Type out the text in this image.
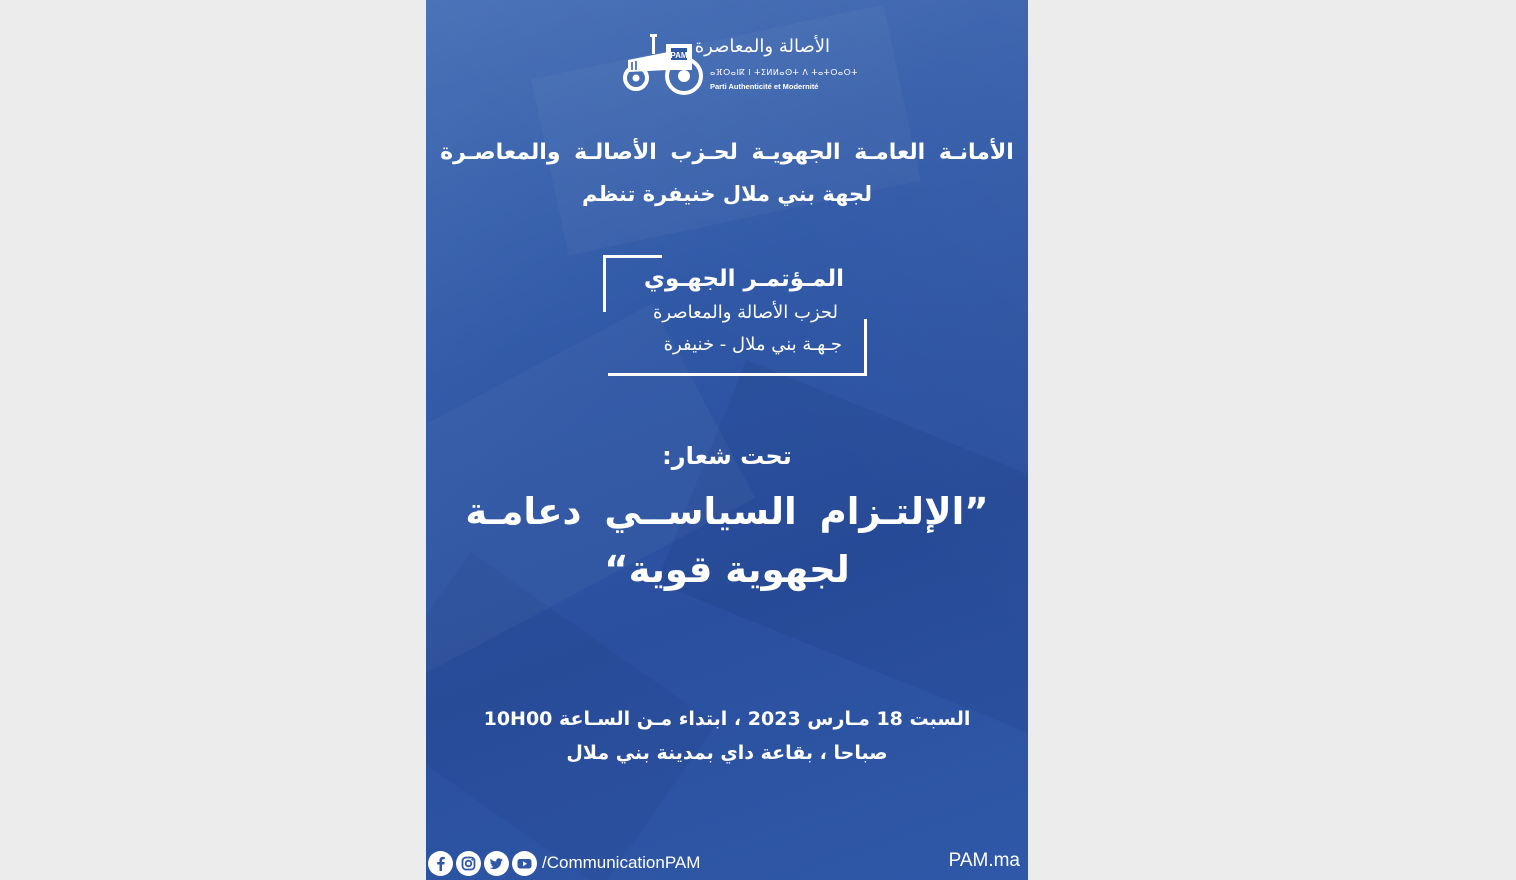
PAM الأصالة والمعاصرة
ⴰⴼⵔⴰⵏⴽ ⵏ ⵜⵉⵍⵍⴰⵙⵜ ⴷ ⵜⴰⵜⵔⴰⵔⵜ
Parti Authenticité et Modernité
الأمانـة العامـة الجهويـة لحـزب الأصالـة والمعاصـرة
لجهة بني ملال خنيفرة تنظم
المـؤتمـر الجهـوي
لحزب الأصالة والمعاصرة
جـهـة بني ملال - خنيفرة
تحت شعار:
”الإلتـزام السياســي دعامـة
لجهوية قوية“
السبت 18 مـارس 2023 ، ابتداء مـن السـاعة 10H00
صباحا ، بقاعة داي بمدينة بني ملال
/CommunicationPAM	PAM.ma
